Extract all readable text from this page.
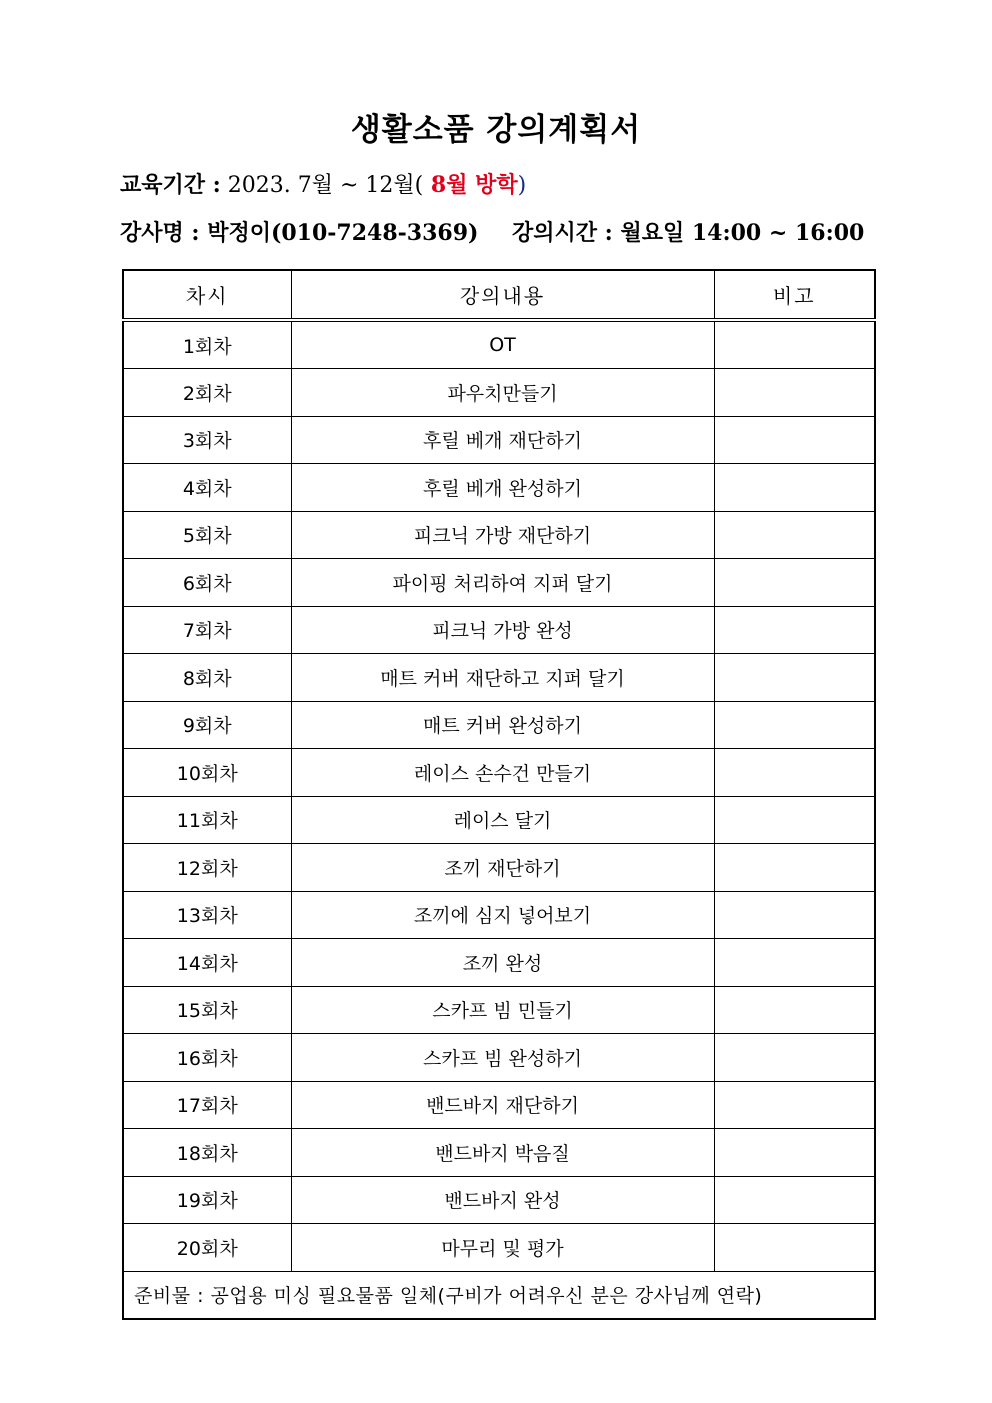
생활소품 강의계획서
교육기간 : 2023. 7월 ~ 12월( 8월 방학)
강사명 : 박정이(010-7248-3369) 강의시간 : 월요일 14:00 ~ 16:00
차시	강의내용	비고
1회차	OT	
2회차	파우치만들기	
3회차	후릴 베개 재단하기	
4회차	후릴 베개 완성하기	
5회차	피크닉 가방 재단하기	
6회차	파이핑 처리하여 지퍼 달기	
7회차	피크닉 가방 완성	
8회차	매트 커버 재단하고 지퍼 달기	
9회차	매트 커버 완성하기	
10회차	레이스 손수건 만들기	
11회차	레이스 달기	
12회차	조끼 재단하기	
13회차	조끼에 심지 넣어보기	
14회차	조끼 완성	
15회차	스카프 빔 민들기	
16회차	스카프 빔 완성하기	
17회차	밴드바지 재단하기	
18회차	밴드바지 박음질	
19회차	밴드바지 완성	
20회차	마무리 및 평가	
준비물 : 공업용 미싱 필요물품 일체(구비가 어려우신 분은 강사님께 연락)		
